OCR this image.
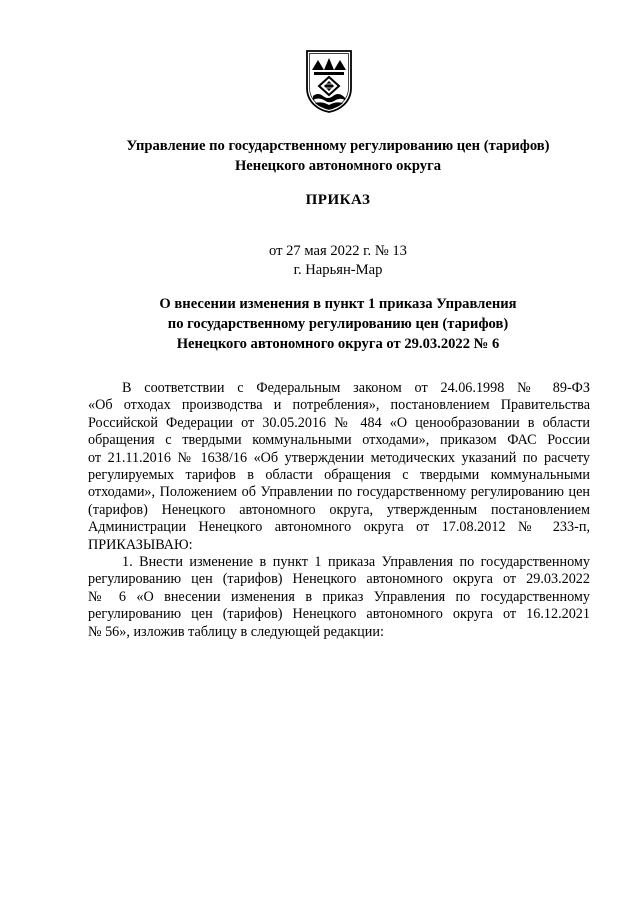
Управление по государственному регулированию цен (тарифов)
Ненецкого автономного округа
ПРИКАЗ
от 27 мая 2022 г. № 13
г. Нарьян-Мар
О внесении изменения в пункт 1 приказа Управления
по государственному регулированию цен (тарифов)
Ненецкого автономного округа от 29.03.2022 № 6
В соответствии с Федеральным законом от 24.06.1998 № 89-ФЗ
«Об отходах производства и потребления», постановлением Правительства
Российской Федерации от 30.05.2016 № 484 «О ценообразовании в области
обращения с твердыми коммунальными отходами», приказом ФАС России
от 21.11.2016 № 1638/16 «Об утверждении методических указаний по расчету
регулируемых тарифов в области обращения с твердыми коммунальными
отходами», Положением об Управлении по государственному регулированию цен
(тарифов) Ненецкого автономного округа, утвержденным постановлением
Администрации Ненецкого автономного округа от 17.08.2012 № 233-п,
ПРИКАЗЫВАЮ:
1. Внести изменение в пункт 1 приказа Управления по государственному
регулированию цен (тарифов) Ненецкого автономного округа от 29.03.2022
№ 6 «О внесении изменения в приказ Управления по государственному
регулированию цен (тарифов) Ненецкого автономного округа от 16.12.2021
№ 56», изложив таблицу в следующей редакции:
